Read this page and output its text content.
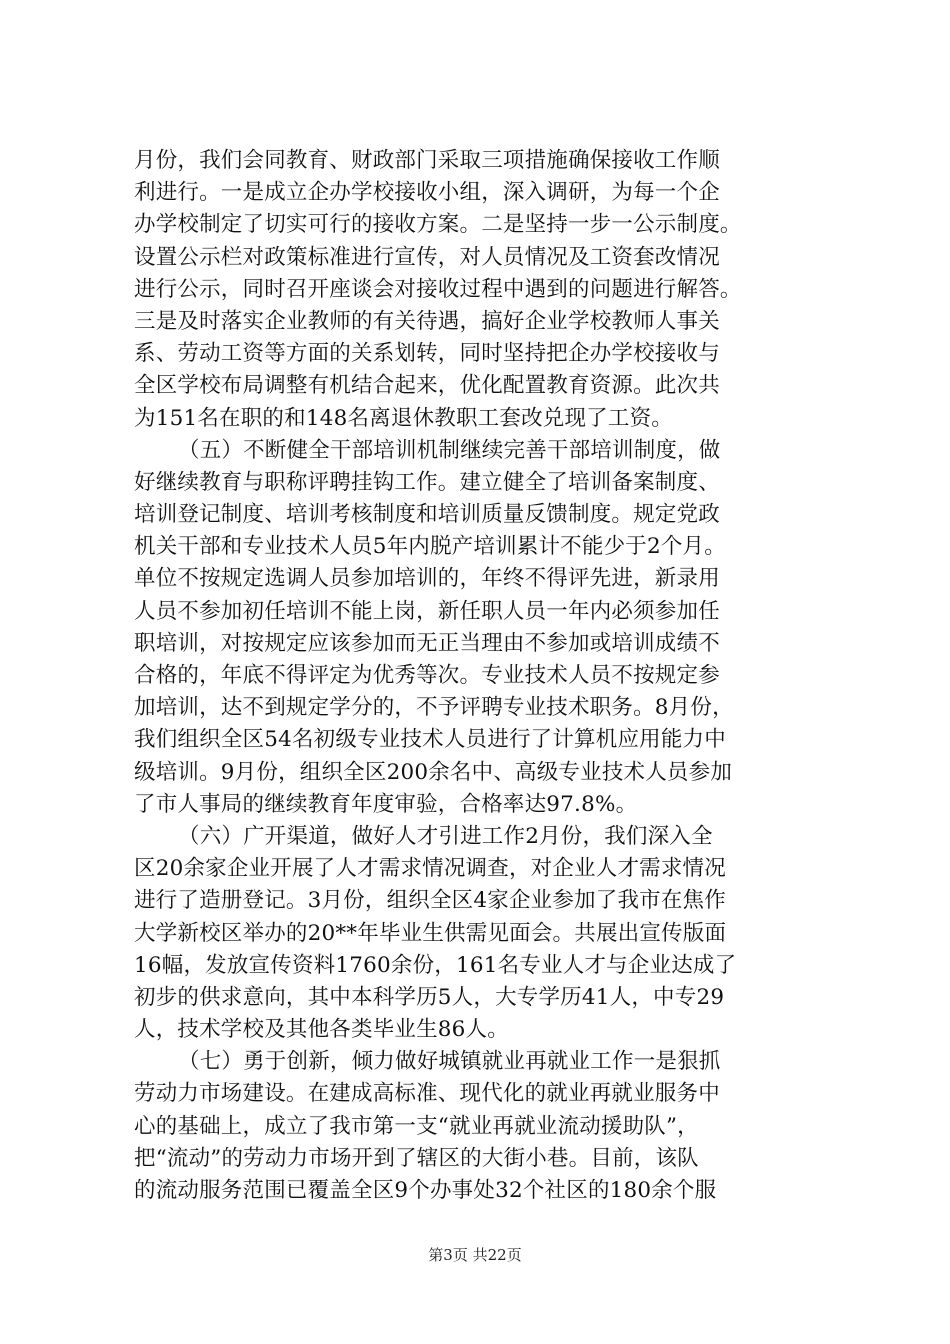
月份，我们会同教育、财政部门采取三项措施确保接收工作顺
利进行。一是成立企办学校接收小组，深入调研，为每一个企
办学校制定了切实可行的接收方案。二是坚持一步一公示制度。
设置公示栏对政策标准进行宣传，对人员情况及工资套改情况
进行公示，同时召开座谈会对接收过程中遇到的问题进行解答。
三是及时落实企业教师的有关待遇，搞好企业学校教师人事关
系、劳动工资等方面的关系划转，同时坚持把企办学校接收与
全区学校布局调整有机结合起来，优化配置教育资源。此次共
为151名在职的和148名离退休教职工套改兑现了工资。
（五）不断健全干部培训机制继续完善干部培训制度，做
好继续教育与职称评聘挂钩工作。建立健全了培训备案制度、
培训登记制度、培训考核制度和培训质量反馈制度。规定党政
机关干部和专业技术人员5年内脱产培训累计不能少于2个月。
单位不按规定选调人员参加培训的，年终不得评先进，新录用
人员不参加初任培训不能上岗，新任职人员一年内必须参加任
职培训，对按规定应该参加而无正当理由不参加或培训成绩不
合格的，年底不得评定为优秀等次。专业技术人员不按规定参
加培训，达不到规定学分的，不予评聘专业技术职务。8月份，
我们组织全区54名初级专业技术人员进行了计算机应用能力中
级培训。9月份，组织全区200余名中、高级专业技术人员参加
了市人事局的继续教育年度审验，合格率达97.8%。
（六）广开渠道，做好人才引进工作2月份，我们深入全
区20余家企业开展了人才需求情况调查，对企业人才需求情况
进行了造册登记。3月份，组织全区4家企业参加了我市在焦作
大学新校区举办的20**年毕业生供需见面会。共展出宣传版面
16幅，发放宣传资料1760余份，161名专业人才与企业达成了
初步的供求意向，其中本科学历5人，大专学历41人，中专29
人，技术学校及其他各类毕业生86人。
（七）勇于创新，倾力做好城镇就业再就业工作一是狠抓
劳动力市场建设。在建成高标准、现代化的就业再就业服务中
心的基础上，成立了我市第一支“就业再就业流动援助队”，
把“流动”的劳动力市场开到了辖区的大街小巷。目前，该队
的流动服务范围已覆盖全区9个办事处32个社区的180余个服
第3页 共22页
